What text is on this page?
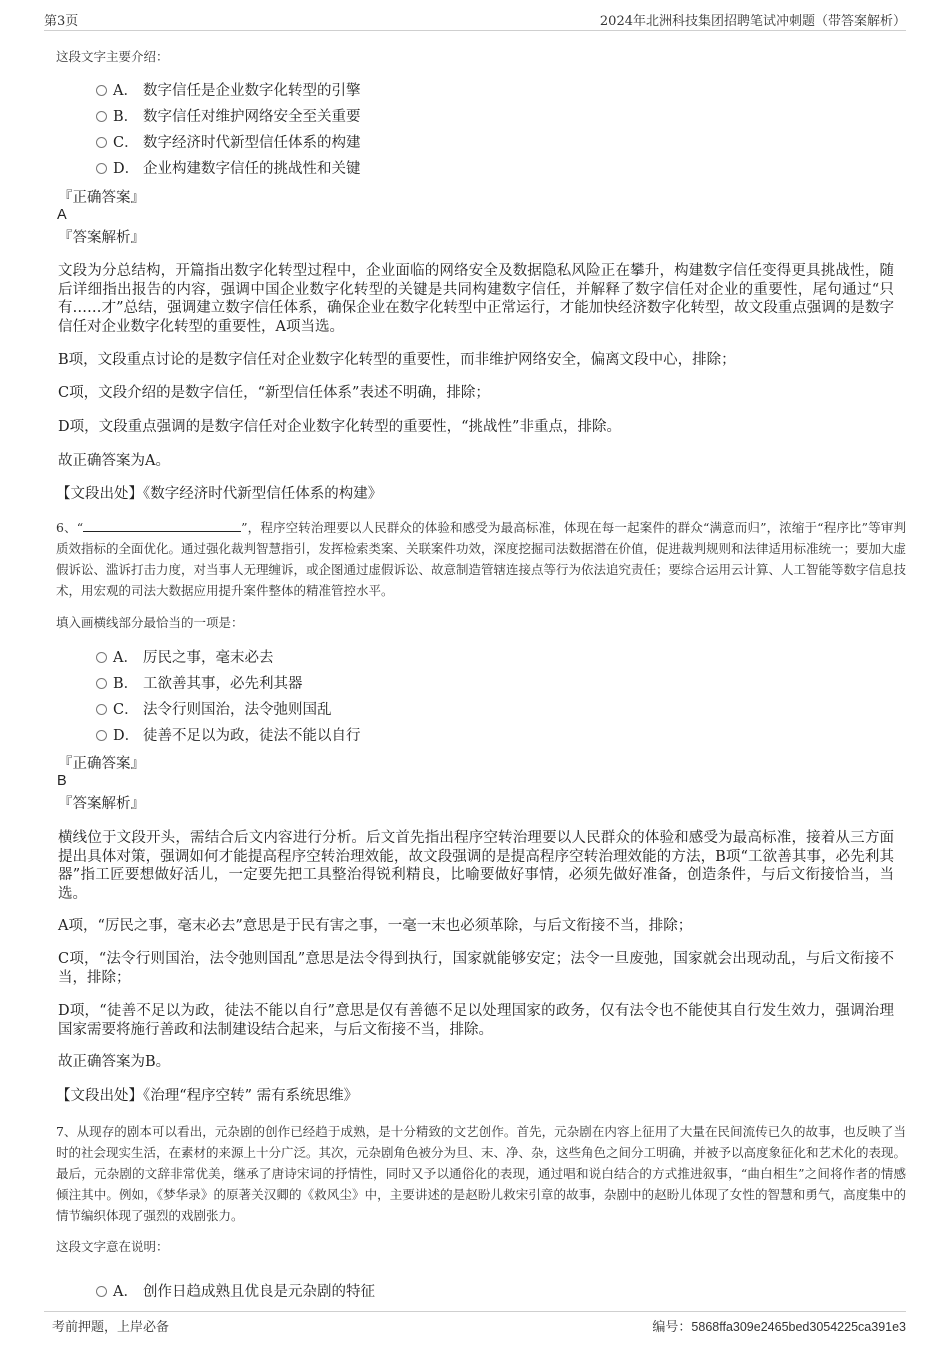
第3页	2024年北洲科技集团招聘笔试冲刺题（带答案解析）
这段文字主要介绍：
A． 数字信任是企业数字化转型的引擎
B． 数字信任对维护网络安全至关重要
C． 数字经济时代新型信任体系的构建
D． 企业构建数字信任的挑战性和关键
『正确答案』
A
『答案解析』
文段为分总结构，开篇指出数字化转型过程中，企业面临的网络安全及数据隐私风险正在攀升，构建数字信任变得更具挑战性，随后详细指出报告的内容，强调中国企业数字化转型的关键是共同构建数字信任，并解释了数字信任对企业的重要性，尾句通过“只有……才”总结，强调建立数字信任体系，确保企业在数字化转型中正常运行，才能加快经济数字化转型，故文段重点强调的是数字信任对企业数字化转型的重要性，A项当选。
B项，文段重点讨论的是数字信任对企业数字化转型的重要性，而非维护网络安全，偏离文段中心，排除；
C项，文段介绍的是数字信任，“新型信任体系”表述不明确，排除；
D项，文段重点强调的是数字信任对企业数字化转型的重要性，“挑战性”非重点，排除。
故正确答案为A。
【文段出处】《数字经济时代新型信任体系的构建》
6、“	”，程序空转治理要以人民群众的体验和感受为最高标准，体现在每一起案件的群众“满意而归”，浓缩于“程序比”等审判质效指标的全面优化。通过强化裁判智慧指引，发挥检索类案、关联案件功效，深度挖掘司法数据潜在价值，促进裁判规则和法律适用标准统一；要加大虚假诉讼、滥诉打击力度，对当事人无理缠诉，或企图通过虚假诉讼、故意制造管辖连接点等行为依法追究责任；要综合运用云计算、人工智能等数字信息技术，用宏观的司法大数据应用提升案件整体的精准管控水平。
填入画横线部分最恰当的一项是：
A． 厉民之事，毫末必去
B． 工欲善其事，必先利其器
C． 法令行则国治，法令弛则国乱
D． 徒善不足以为政，徒法不能以自行
『正确答案』
B
『答案解析』
横线位于文段开头，需结合后文内容进行分析。后文首先指出程序空转治理要以人民群众的体验和感受为最高标准，接着从三方面提出具体对策，强调如何才能提高程序空转治理效能，故文段强调的是提高程序空转治理效能的方法，B项“工欲善其事，必先利其器”指工匠要想做好活儿，一定要先把工具整治得锐利精良，比喻要做好事情，必须先做好准备，创造条件，与后文衔接恰当，当选。
A项，“厉民之事，毫末必去”意思是于民有害之事，一毫一末也必须革除，与后文衔接不当，排除；
C项，“法令行则国治，法令弛则国乱”意思是法令得到执行，国家就能够安定；法令一旦废弛，国家就会出现动乱，与后文衔接不当，排除；
D项，“徒善不足以为政，徒法不能以自行”意思是仅有善德不足以处理国家的政务，仅有法令也不能使其自行发生效力，强调治理国家需要将施行善政和法制建设结合起来，与后文衔接不当，排除。
故正确答案为B。
【文段出处】《治理“程序空转” 需有系统思维》
7、从现存的剧本可以看出，元杂剧的创作已经趋于成熟，是十分精致的文艺创作。首先，元杂剧在内容上征用了大量在民间流传已久的故事，也反映了当时的社会现实生活，在素材的来源上十分广泛。其次，元杂剧角色被分为旦、末、净、杂，这些角色之间分工明确，并被予以高度象征化和艺术化的表现。最后，元杂剧的文辞非常优美，继承了唐诗宋词的抒情性，同时又予以通俗化的表现，通过唱和说白结合的方式推进叙事，“曲白相生”之间将作者的情感倾注其中。例如，《梦华录》的原著关汉卿的《救风尘》中，主要讲述的是赵盼儿救宋引章的故事，杂剧中的赵盼儿体现了女性的智慧和勇气，高度集中的情节编织体现了强烈的戏剧张力。
这段文字意在说明：
A． 创作日趋成熟且优良是元杂剧的特征
考前押题，上岸必备	编号：5868ffa309e2465bed3054225ca391e3
